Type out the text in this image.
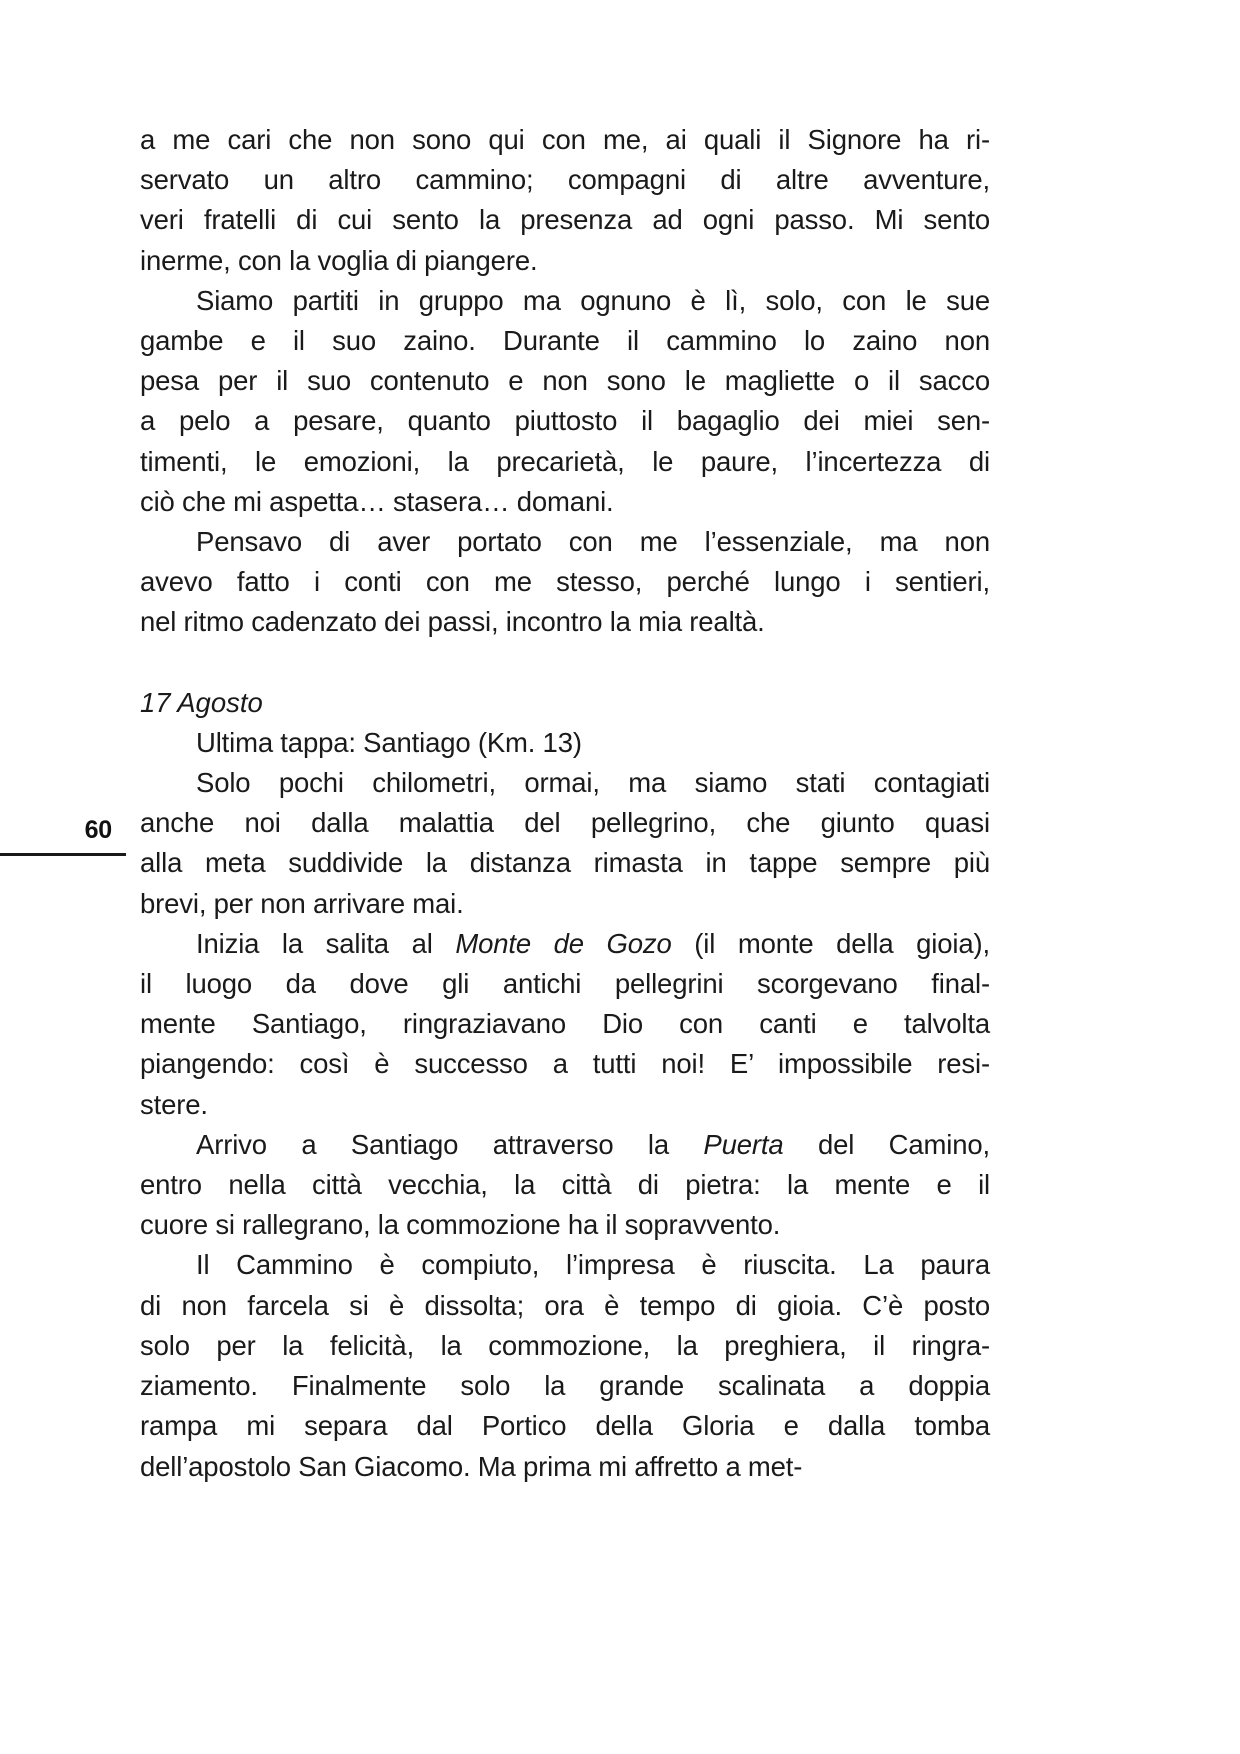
60

a me cari che non sono qui con me, ai quali il Signore ha ri-
servato un altro cammino; compagni di altre avventure,
veri fratelli di cui sento la presenza ad ogni passo. Mi sento
inerme, con la voglia di piangere.

Siamo partiti in gruppo ma ognuno è lì, solo, con le sue
gambe e il suo zaino. Durante il cammino lo zaino non
pesa per il suo contenuto e non sono le magliette o il sacco
a pelo a pesare, quanto piuttosto il bagaglio dei miei sen-
timenti, le emozioni, la precarietà, le paure, l’incertezza di
ciò che mi aspetta… stasera… domani.

Pensavo di aver portato con me l’essenziale, ma non
avevo fatto i conti con me stesso, perché lungo i sentieri,
nel ritmo cadenzato dei passi, incontro la mia realtà.

17 Agosto

Ultima tappa: Santiago (Km. 13)

Solo pochi chilometri, ormai, ma siamo stati contagiati
anche noi dalla malattia del pellegrino, che giunto quasi
alla meta suddivide la distanza rimasta in tappe sempre più
brevi, per non arrivare mai.

Inizia la salita al Monte de Gozo (il monte della gioia),
il luogo da dove gli antichi pellegrini scorgevano final-
mente Santiago, ringraziavano Dio con canti e talvolta
piangendo: così è successo a tutti noi! E’ impossibile resi-
stere.

Arrivo a Santiago attraverso la Puerta del Camino,
entro nella città vecchia, la città di pietra: la mente e il
cuore si rallegrano, la commozione ha il sopravvento.

Il Cammino è compiuto, l’impresa è riuscita. La paura
di non farcela si è dissolta; ora è tempo di gioia. C’è posto
solo per la felicità, la commozione, la preghiera, il ringra-
ziamento. Finalmente solo la grande scalinata a doppia
rampa mi separa dal Portico della Gloria e dalla tomba
dell’apostolo San Giacomo. Ma prima mi affretto a met-
